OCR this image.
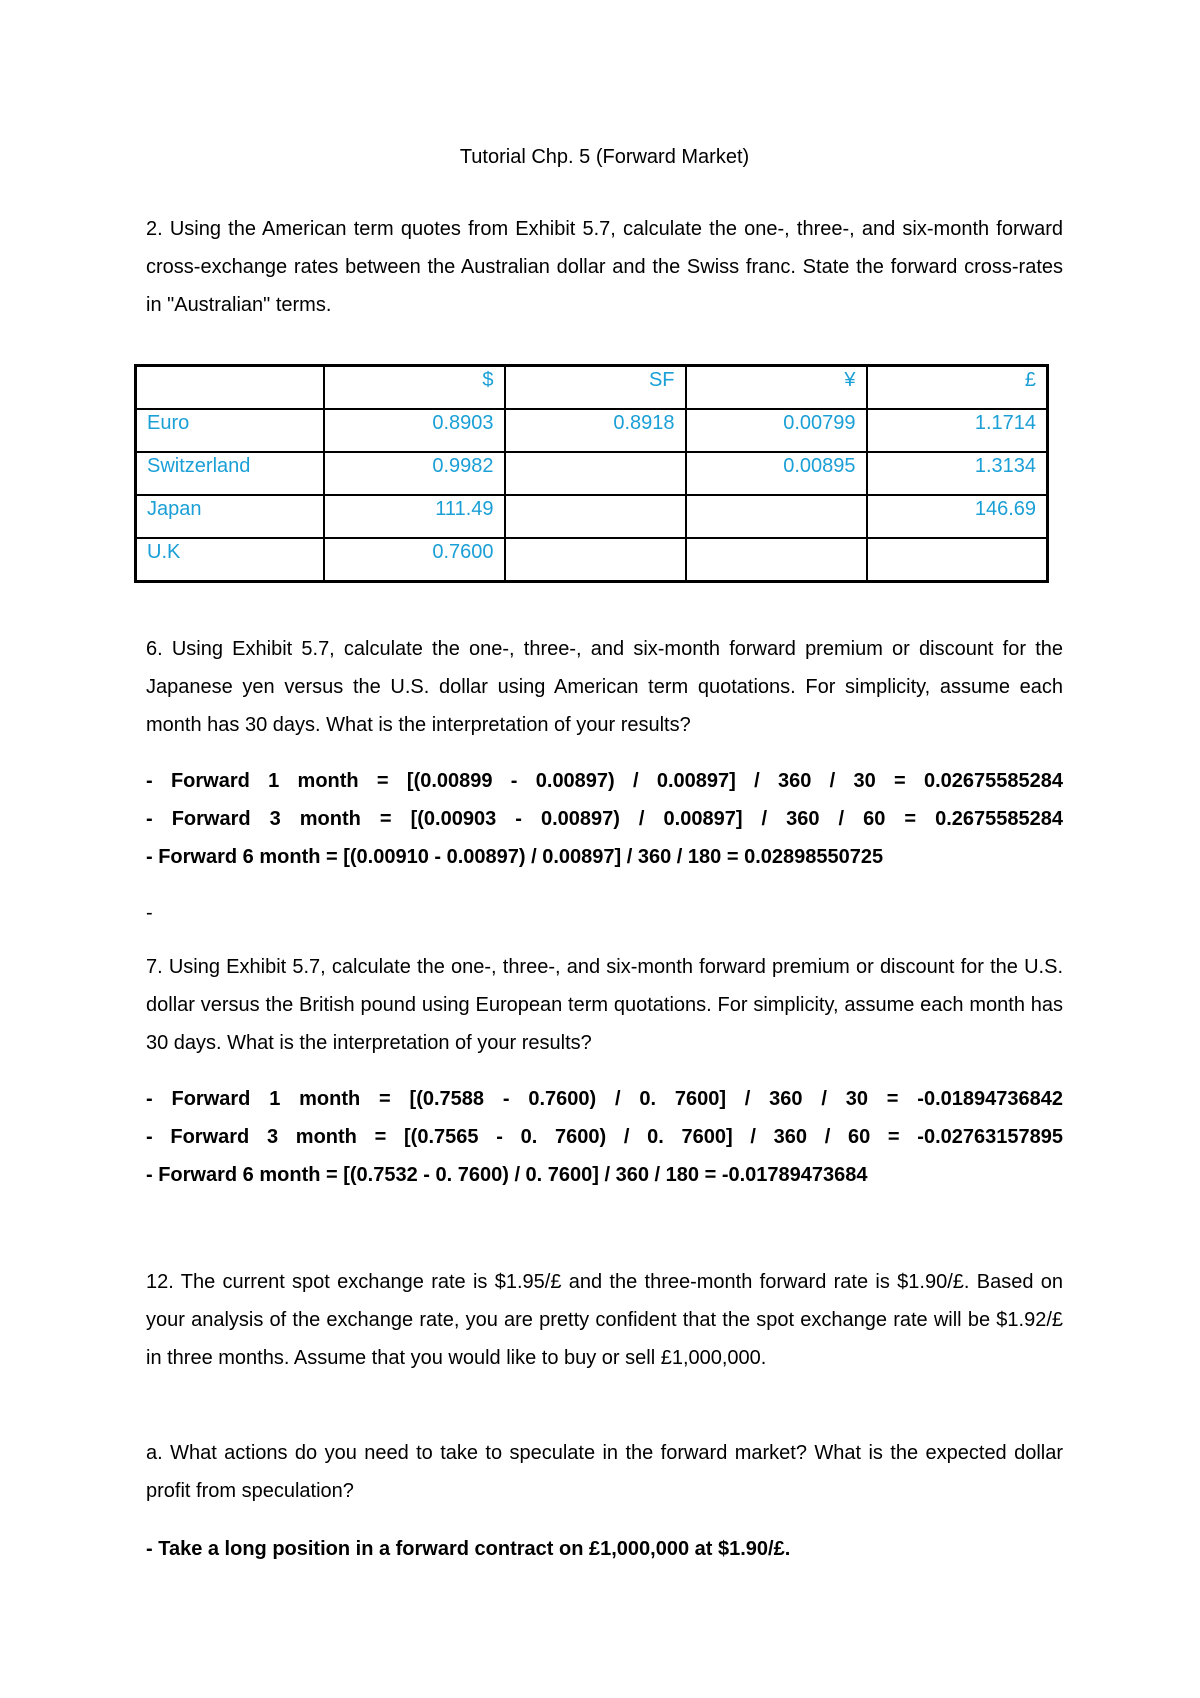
Tutorial Chp. 5 (Forward Market)
2. Using the American term quotes from Exhibit 5.7, calculate the one-, three-, and six-month forward cross-exchange rates between the Australian dollar and the Swiss franc. State the forward cross-rates in "Australian" terms.
	$	SF	¥	£
Euro	0.8903	0.8918	0.00799	1.1714
Switzerland	0.9982		0.00895	1.3134
Japan	111.49			146.69
U.K	0.7600			
6. Using Exhibit 5.7, calculate the one-, three-, and six-month forward premium or discount for the Japanese yen versus the U.S. dollar using American term quotations. For simplicity, assume each month has 30 days. What is the interpretation of your results?
- Forward 1 month = [(0.00899 - 0.00897) / 0.00897] / 360 / 30 = 0.02675585284
- Forward 3 month = [(0.00903 - 0.00897) / 0.00897] / 360 / 60 = 0.2675585284
- Forward 6 month = [(0.00910 - 0.00897) / 0.00897] / 360 / 180 = 0.02898550725
-
7. Using Exhibit 5.7, calculate the one-, three-, and six-month forward premium or discount for the U.S. dollar versus the British pound using European term quotations. For simplicity, assume each month has 30 days. What is the interpretation of your results?
- Forward 1 month = [(0.7588 - 0.7600) / 0. 7600] / 360 / 30 = -0.01894736842
- Forward 3 month = [(0.7565 - 0. 7600) / 0. 7600] / 360 / 60 = -0.02763157895
- Forward 6 month = [(0.7532 - 0. 7600) / 0. 7600] / 360 / 180 = -0.01789473684
12. The current spot exchange rate is $1.95/£ and the three-month forward rate is $1.90/£. Based on your analysis of the exchange rate, you are pretty confident that the spot exchange rate will be $1.92/£ in three months. Assume that you would like to buy or sell £1,000,000.
a. What actions do you need to take to speculate in the forward market? What is the expected dollar profit from speculation?
- Take a long position in a forward contract on £1,000,000 at $1.90/£.
